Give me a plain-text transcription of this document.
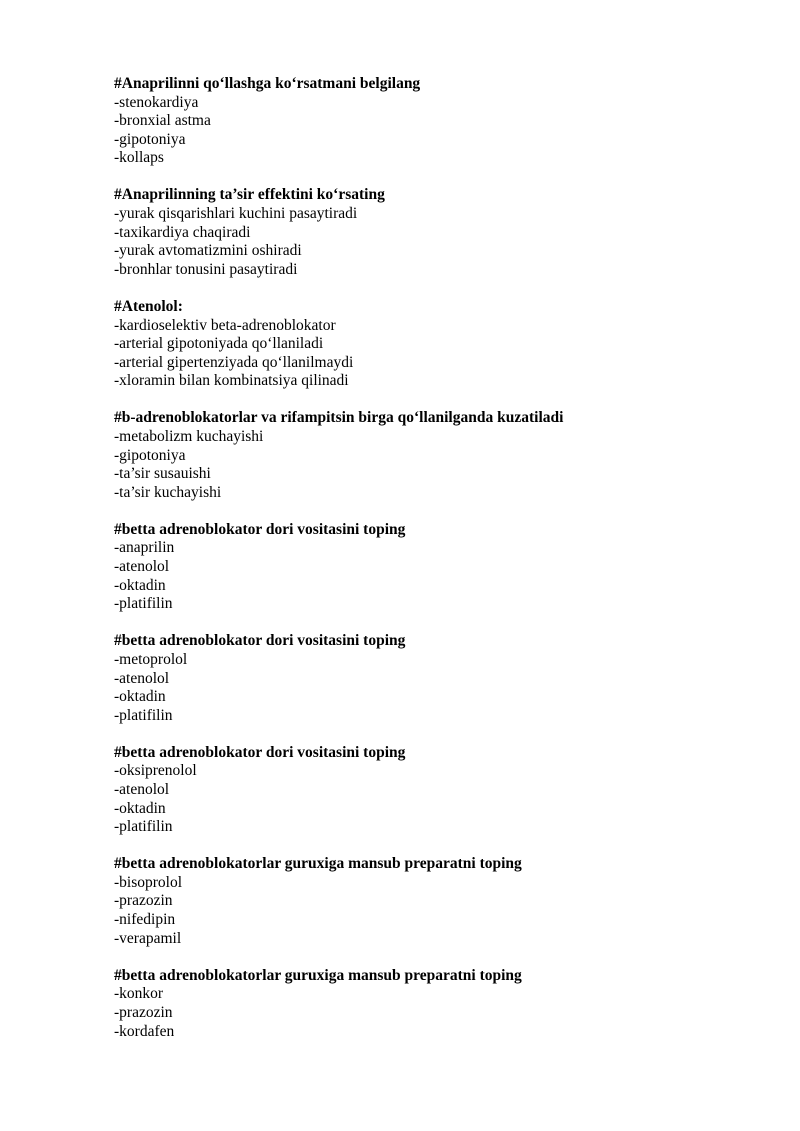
#Anaprilinni qo‘llashga ko‘rsatmani belgilang
-stenokardiya
-bronxial astma
-gipotoniya
-kollaps
#Anaprilinning ta’sir effektini ko‘rsating
-yurak qisqarishlari kuchini pasaytiradi
-taxikardiya chaqiradi
-yurak avtomatizmini oshiradi
-bronhlar tonusini pasaytiradi
#Atenolol:
-kardioselektiv beta-adrenoblokator
-arterial gipotoniyada qo‘llaniladi
-arterial gipertenziyada qo‘llanilmaydi
-xloramin bilan kombinatsiya qilinadi
#b-adrenoblokatorlar va rifampitsin birga qo‘llanilganda kuzatiladi
-metabolizm kuchayishi
-gipotoniya
-ta’sir susauishi
-ta’sir kuchayishi
#betta adrenoblokator dori vositasini toping
-anaprilin
-atenolol
-oktadin
-platifilin
#betta adrenoblokator dori vositasini toping
-metoprolol
-atenolol
-oktadin
-platifilin
#betta adrenoblokator dori vositasini toping
-oksiprenolol
-atenolol
-oktadin
-platifilin
#betta adrenoblokatorlar guruxiga mansub preparatni toping
-bisoprolol
-prazozin
-nifedipin
-verapamil
#betta adrenoblokatorlar guruxiga mansub preparatni toping
-konkor
-prazozin
-kordafen
